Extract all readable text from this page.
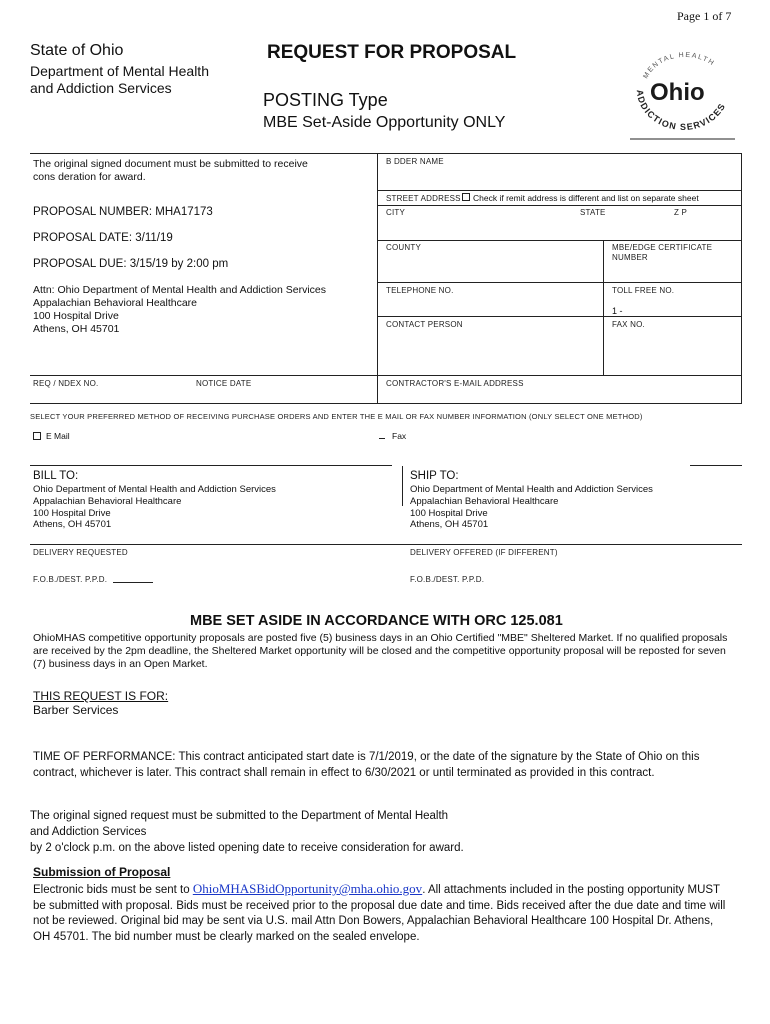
Page 1 of 7
State of Ohio
Department of Mental Health
and Addiction Services
REQUEST FOR PROPOSAL
POSTING Type
MBE Set-Aside Opportunity ONLY
MENTAL HEALTH
Ohio
ADDICTION SERVICES
The original signed document must be submitted to receive
cons deration for award.
PROPOSAL NUMBER: MHA17173
PROPOSAL DATE: 3/11/19
PROPOSAL DUE: 3/15/19 by 2:00 pm
Attn: Ohio Department of Mental Health and Addiction Services
Appalachian Behavioral Healthcare
100 Hospital Drive
Athens, OH 45701
REQ / NDEX NO.	NOTICE DATE
B DDER NAME
STREET ADDRESS Check if remit address is different and list on separate sheet
CITY	STATE	Z P
COUNTY	MBE/EDGE CERTIFICATE
NUMBER
TELEPHONE NO.	TOLL FREE NO.
1 -
CONTACT PERSON	FAX NO.
CONTRACTOR'S E-MAIL ADDRESS
SELECT YOUR PREFERRED METHOD OF RECEIVING PURCHASE ORDERS AND ENTER THE E MAIL OR FAX NUMBER INFORMATION (ONLY SELECT ONE METHOD)
E Mail	Fax
BILL TO:
Ohio Department of Mental Health and Addiction Services
Appalachian Behavioral Healthcare
100 Hospital Drive
Athens, OH 45701
SHIP TO:
Ohio Department of Mental Health and Addiction Services
Appalachian Behavioral Healthcare
100 Hospital Drive
Athens, OH 45701
DELIVERY REQUESTED	DELIVERY OFFERED (IF DIFFERENT)
F.O.B./DEST. P.P.D.	F.O.B./DEST. P.P.D.
MBE SET ASIDE IN ACCORDANCE WITH ORC 125.081
OhioMHAS competitive opportunity proposals are posted five (5) business days in an Ohio Certified "MBE" Sheltered Market. If no qualified proposals are received by the 2pm deadline, the Sheltered Market opportunity will be closed and the competitive opportunity proposal will be reposted for seven (7) business days in an Open Market.
THIS REQUEST IS FOR:
Barber Services
TIME OF PERFORMANCE: This contract anticipated start date is 7/1/2019, or the date of the signature by the State of Ohio on this contract, whichever is later. This contract shall remain in effect to 6/30/2021 or until terminated as provided in this contract.
The original signed request must be submitted to the Department of Mental Health
and Addiction Services
by 2 o'clock p.m. on the above listed opening date to receive consideration for award.
Submission of Proposal
Electronic bids must be sent to OhioMHASBidOpportunity@mha.ohio.gov. All attachments included in the posting opportunity MUST be submitted with proposal. Bids must be received prior to the proposal due date and time. Bids received after the due date and time will not be reviewed. Original bid may be sent via U.S. mail Attn Don Bowers, Appalachian Behavioral Healthcare 100 Hospital Dr. Athens, OH 45701. The bid number must be clearly marked on the sealed envelope.
